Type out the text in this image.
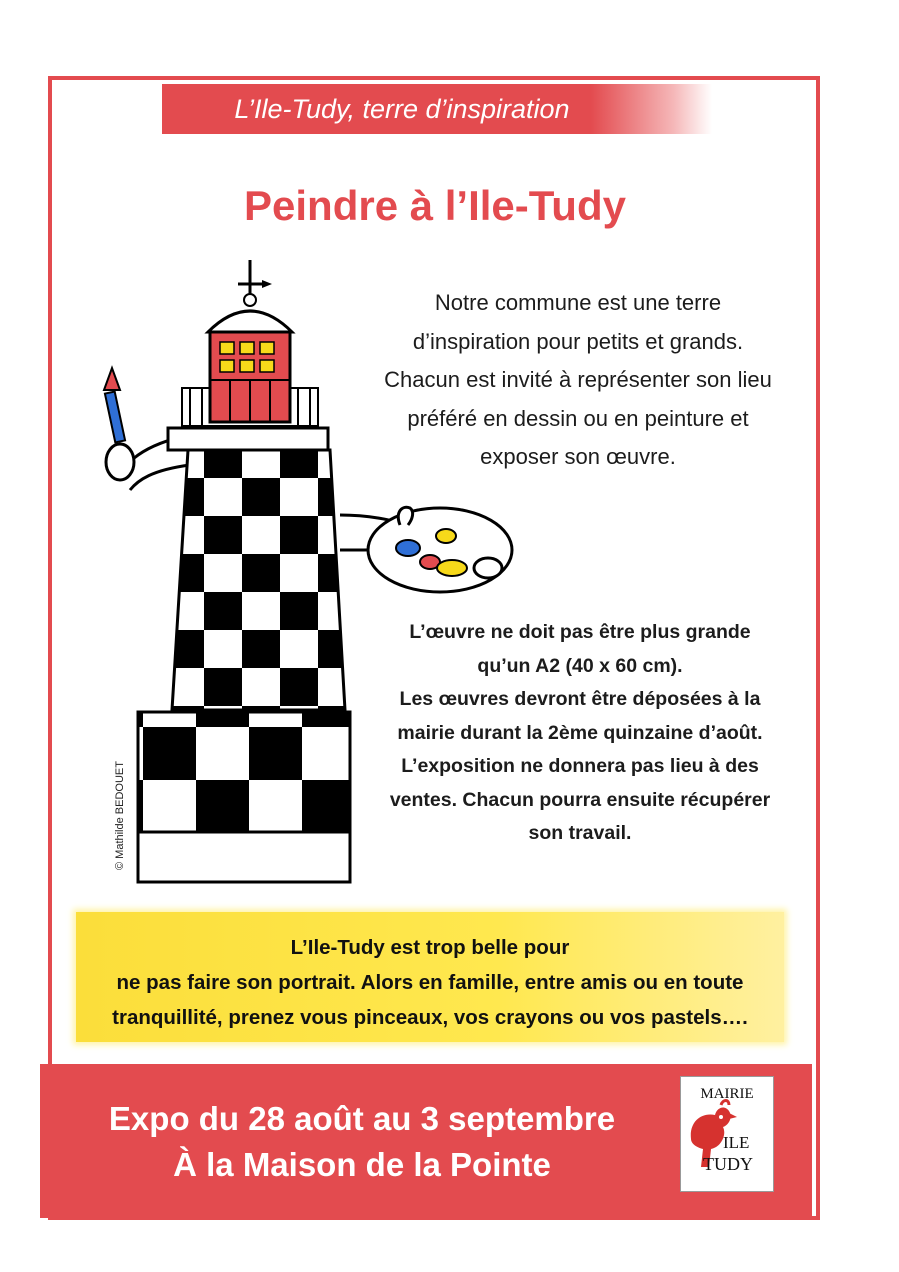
L’Ile-Tudy, terre d’inspiration
Peindre à l’Ile-Tudy
Notre commune est une terre
d’inspiration pour petits et grands.
Chacun est invité à représenter son lieu
préféré en dessin ou en peinture et
exposer son œuvre.
© Mathilde BEDOUET
L’œuvre ne doit pas être plus grande
qu’un A2 (40 x 60 cm).
Les œuvres devront être déposées à la
mairie durant la 2ème quinzaine d’août.
L’exposition ne donnera pas lieu à des
ventes. Chacun pourra ensuite récupérer
son travail.
L’Ile-Tudy est trop belle pour
ne pas faire son portrait. Alors en famille, entre amis ou en toute
tranquillité, prenez vous pinceaux, vos crayons ou vos pastels….
Expo du 28 août au 3 septembre
À la Maison de la Pointe
MAIRIE
ILE
TUDY
